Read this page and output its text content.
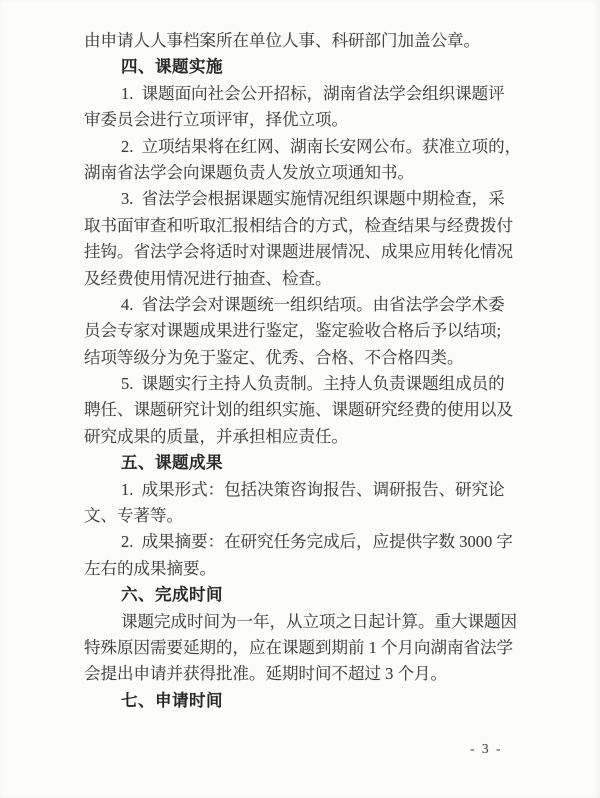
由申请人人事档案所在单位人事、科研部门加盖公章。
四、课题实施
1.  课题面向社会公开招标，湖南省法学会组织课题评
审委员会进行立项评审，择优立项。
2.  立项结果将在红网、湖南长安网公布。获准立项的，
湖南省法学会向课题负责人发放立项通知书。
3.  省法学会根据课题实施情况组织课题中期检查，采
取书面审查和听取汇报相结合的方式，检查结果与经费拨付
挂钩。省法学会将适时对课题进展情况、成果应用转化情况
及经费使用情况进行抽查、检查。
4.  省法学会对课题统一组织结项。由省法学会学术委
员会专家对课题成果进行鉴定，鉴定验收合格后予以结项;
结项等级分为免于鉴定、优秀、合格、不合格四类。
5.  课题实行主持人负责制。主持人负责课题组成员的
聘任、课题研究计划的组织实施、课题研究经费的使用以及
研究成果的质量，并承担相应责任。
五、课题成果
1.  成果形式：包括决策咨询报告、调研报告、研究论
文、专著等。
2.  成果摘要：在研究任务完成后，应提供字数 3000 字
左右的成果摘要。
六、完成时间
课题完成时间为一年，从立项之日起计算。重大课题因
特殊原因需要延期的，应在课题到期前 1 个月向湖南省法学
会提出申请并获得批准。延期时间不超过 3 个月。
七、申请时间
- 3 -
